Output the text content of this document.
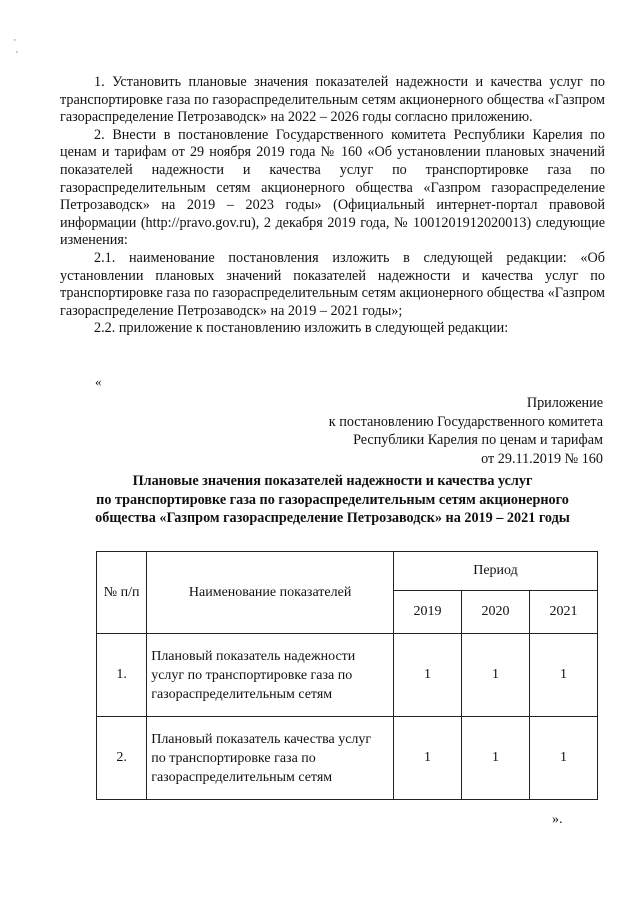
'
'

1. Установить плановые значения показателей надежности и качества услуг по транспортировке газа по газораспределительным сетям акционерного общества «Газпром газораспределение Петрозаводск» на 2022 – 2026 годы согласно приложению.

2. Внести в постановление Государственного комитета Республики Карелия по ценам и тарифам от 29 ноября 2019 года № 160 «Об установлении плановых значений показателей надежности и качества услуг по транспортировке газа по газораспределительным сетям акционерного общества «Газпром газораспределение Петрозаводск» на 2019 – 2023 годы» (Официальный интернет-портал правовой информации (http://pravo.gov.ru), 2 декабря 2019 года, № 1001201912020013) следующие изменения:

2.1. наименование постановления изложить в следующей редакции: «Об установлении плановых значений показателей надежности и качества услуг по транспортировке газа по газораспределительным сетям акционерного общества «Газпром газораспределение Петрозаводск» на 2019 – 2021 годы»;

2.2. приложение к постановлению изложить в следующей редакции:

«
Приложение
к постановлению Государственного комитета
Республики Карелия по ценам и тарифам
от 29.11.2019 № 160
Плановые значения показателей надежности и качества услуг
по транспортировке газа по газораспределительным сетям акционерного
общества «Газпром газораспределение Петрозаводск» на 2019 – 2021 годы
№ п/п	Наименование показателей	Период		
		2019	2020	2021
1.	Плановый показатель надежности услуг по транспортировке газа по газораспределительным сетям	1	1	1
2.	Плановый показатель качества услуг по транспортировке газа по газораспределительным сетям	1	1	1
».
